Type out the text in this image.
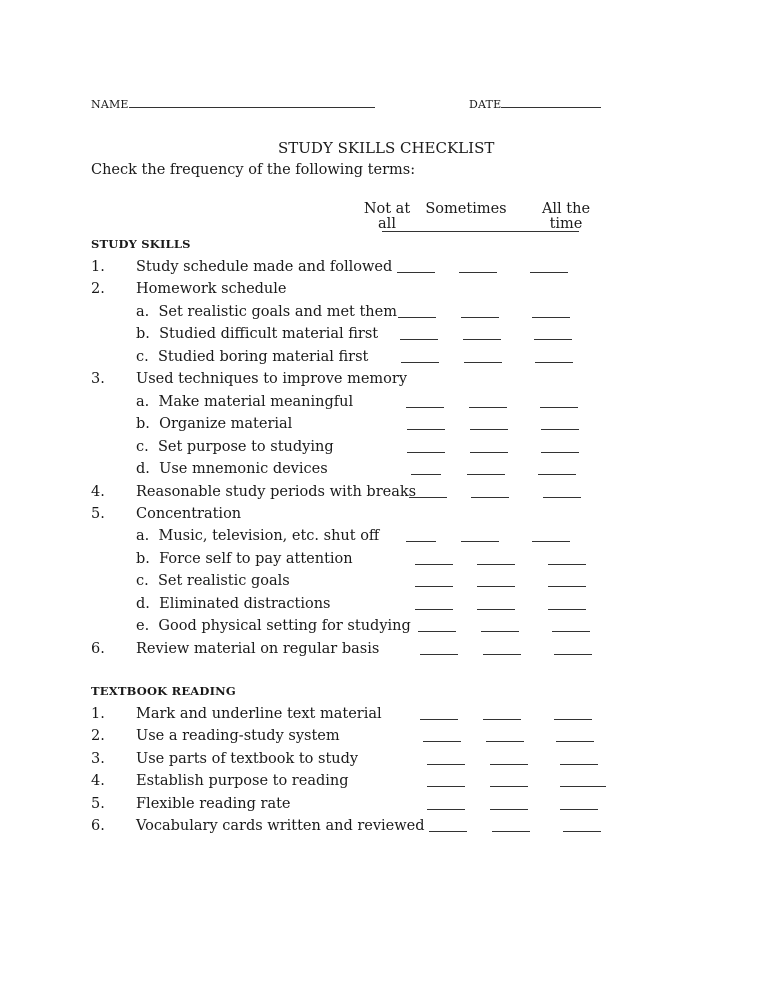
NAME	DATE
STUDY SKILLS CHECKLIST
Check the frequency of the following terms:
Not at
all
Sometimes	All the
time
STUDY SKILLS
1. Study schedule made and followed
2. Homework schedule
a.  Set realistic goals and met them
b.  Studied difficult material first
c.  Studied boring material first
3. Used techniques to improve memory
a.  Make material meaningful
b.  Organize material
c.  Set purpose to studying
d.  Use mnemonic devices
4. Reasonable study periods with breaks
5. Concentration
a.  Music, television, etc. shut off
b.  Force self to pay attention
c.  Set realistic goals
d.  Eliminated distractions
e.  Good physical setting for studying
6. Review material on regular basis
TEXTBOOK READING
1. Mark and underline text material
2. Use a reading-study system
3. Use parts of textbook to study
4. Establish purpose to reading
5. Flexible reading rate
6. Vocabulary cards written and reviewed
